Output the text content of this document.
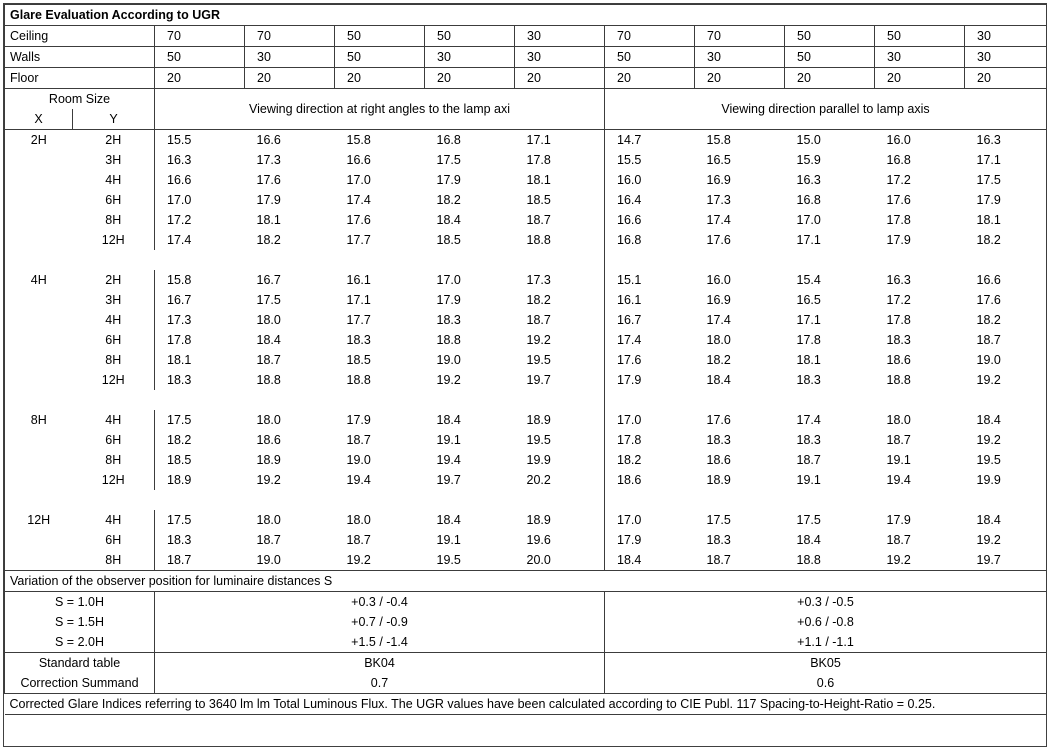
Glare Evaluation According to UGR												
Ceiling		70	70	50	50	30	70	70	50	50	30	
Walls		50	30	50	30	30	50	30	50	30	30	
Floor		20	20	20	20	20	20	20	20	20	20	
Room Size		Viewing direction at right angles to the lamp axi					Viewing direction parallel to lamp axis					
X	Y											
2H	2H	15.5	16.6	15.8	16.8	17.1	14.7	15.8	15.0	16.0	16.3	
	3H	16.3	17.3	16.6	17.5	17.8	15.5	16.5	15.9	16.8	17.1	
	4H	16.6	17.6	17.0	17.9	18.1	16.0	16.9	16.3	17.2	17.5	
	6H	17.0	17.9	17.4	18.2	18.5	16.4	17.3	16.8	17.6	17.9	
	8H	17.2	18.1	17.6	18.4	18.7	16.6	17.4	17.0	17.8	18.1	
	12H	17.4	18.2	17.7	18.5	18.8	16.8	17.6	17.1	17.9	18.2	

4H	2H	15.8	16.7	16.1	17.0	17.3	15.1	16.0	15.4	16.3	16.6	
	3H	16.7	17.5	17.1	17.9	18.2	16.1	16.9	16.5	17.2	17.6	
	4H	17.3	18.0	17.7	18.3	18.7	16.7	17.4	17.1	17.8	18.2	
	6H	17.8	18.4	18.3	18.8	19.2	17.4	18.0	17.8	18.3	18.7	
	8H	18.1	18.7	18.5	19.0	19.5	17.6	18.2	18.1	18.6	19.0	
	12H	18.3	18.8	18.8	19.2	19.7	17.9	18.4	18.3	18.8	19.2	

8H	4H	17.5	18.0	17.9	18.4	18.9	17.0	17.6	17.4	18.0	18.4	
	6H	18.2	18.6	18.7	19.1	19.5	17.8	18.3	18.3	18.7	19.2	
	8H	18.5	18.9	19.0	19.4	19.9	18.2	18.6	18.7	19.1	19.5	
	12H	18.9	19.2	19.4	19.7	20.2	18.6	18.9	19.1	19.4	19.9	

12H	4H	17.5	18.0	18.0	18.4	18.9	17.0	17.5	17.5	17.9	18.4	
	6H	18.3	18.7	18.7	19.1	19.6	17.9	18.3	18.4	18.7	19.2	
	8H	18.7	19.0	19.2	19.5	20.0	18.4	18.7	18.8	19.2	19.7	
Variation of the observer position for luminaire distances S												
S = 1.0H		+0.3 / -0.4					+0.3 / -0.5					
S = 1.5H		+0.7 / -0.9					+0.6 / -0.8					
S = 2.0H		+1.5 / -1.4					+1.1 / -1.1					
Standard table		BK04					BK05					
Correction Summand		0.7					0.6					
Corrected Glare Indices referring to 3640 lm lm Total Luminous Flux. The UGR values have been calculated according to CIE Publ. 117 Spacing-to-Height-Ratio = 0.25.												
